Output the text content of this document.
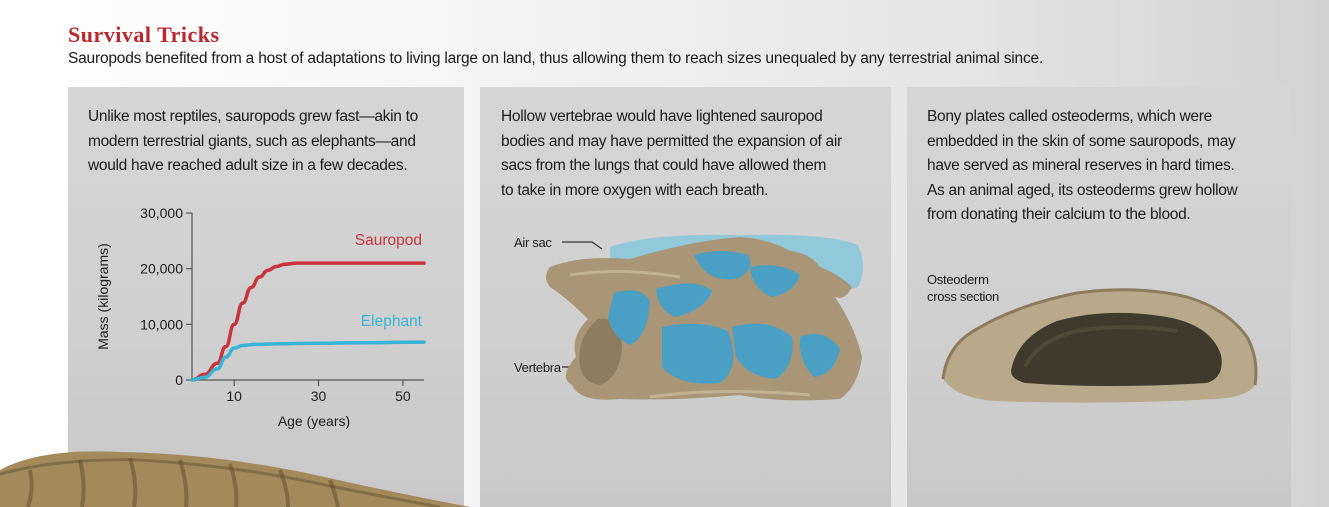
Survival Tricks
Sauropods benefited from a host of adaptations to living large on land, thus allowing them to reach sizes unequaled by any terrestrial animal since.
Unlike most reptiles, sauropods grew fast—akin to
modern terrestrial giants, such as elephants—and
would have reached adult size in a few decades.
0
10,000
20,000
30,000
10	30	50
Age (years)
Mass (kilograms)
Sauropod
Elephant
Hollow vertebrae would have lightened sauropod
bodies and may have permitted the expansion of air
sacs from the lungs that could have allowed them
to take in more oxygen with each breath.
Air sac
Vertebra
Bony plates called osteoderms, which were
embedded in the skin of some sauropods, may
have served as mineral reserves in hard times.
As an animal aged, its osteoderms grew hollow
from donating their calcium to the blood.
Osteoderm
cross section
